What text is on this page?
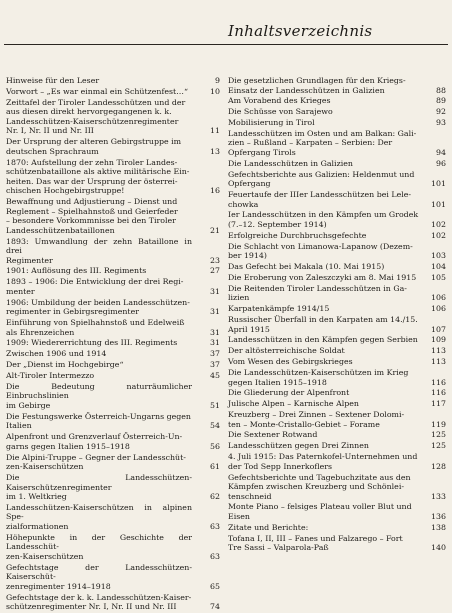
Inhaltsverzeichnis
Hinweise für den Leser	9
Vorwort – „Es war einmal ein Schützenfest…“	10
Zeittafel der Tiroler Landesschützen und der
aus diesen direkt hervorgegangenen k. k.
Landesschützen-Kaiserschützenregimenter
Nr. I, Nr. II und Nr. III	11
Der Ursprung der alteren Gebirgstruppe im
deutschen Sprachraum	13
1870: Aufstellung der zehn Tiroler Landes-
schützenbataillone als aktive militärische Ein-
heiten. Das war der Ursprung der österrei-
chischen Hochgebirgstruppe!	16
Bewaffnung und Adjustierung – Dienst und
Reglement – Spielhahnstoß und Geierfeder
– besondere Vorkommnisse bei den Tiroler
Landesschützenbataillonen	21
1893: Umwandlung der zehn Bataillone in drei
Regimenter	23
1901: Auflösung des III. Regiments	27
1893 – 1906: Die Entwicklung der drei Regi-
menter	31
1906: Umbildung der beiden Landesschützen-
regimenter in Gebirgsregimenter	31
Einführung von Spielhahnstoß und Edelweiß
als Ehrenzeichen	31
1909: Wiedererrichtung des III. Regiments	31
Zwischen 1906 und 1914	37
Der „Dienst im Hochgebirge“	37
Alt-Tiroler Intermezzo	45
Die Bedeutung naturräumlicher Einbruchslinien
im Gebirge	51
Die Festungswerke Österreich-Ungarns gegen
Italien	54
Alpenfront und Grenzverlauf Österreich-Un-
garns gegen Italien 1915–1918	56
Die Alpini-Truppe – Gegner der Landesschüt-
zen-Kaiserschützen	61
Die Landesschützen-Kaiserschützenregimenter
im 1. Weltkrieg	62
Landesschützen-Kaiserschützen in alpinen Spe-
zialformationen	63
Höhepunkte in der Geschichte der Landesschüt-
zen-Kaiserschützen	63
Gefechtstage der Landesschützen-Kaiserschüt-
zenregimenter 1914–1918	65
Gefechtstage der k. k. Landesschützen-Kaiser-
schützenregimenter Nr. I, Nr. II und Nr. III	74
Die gesetzlichen Grundlagen für den Kriegs-
Einsatz der Landesschützen in Galizien	88
Am Vorabend des Krieges	89
Die Schüsse von Sarajewo	92
Mobilisierung in Tirol	93
Landesschützen im Osten und am Balkan: Gali-
zien – Rußland – Karpaten – Serbien: Der
Opfergang Tirols	94
Die Landesschützen in Galizien	96
Gefechtsberichte aus Galizien: Heldenmut und
Opfergang	101
Feuertaufe der IIIer Landesschützen bei Lele-
chowka	101
Ier Landesschützen in den Kämpfen um Grodek
(7.–12. September 1914)	102
Erfolgreiche Durchbruchsgefechte	102
Die Schlacht von Limanowa-Lapanow (Dezem-
ber 1914)	103
Das Gefecht bei Makala (10. Mai 1915)	104
Die Eroberung von Zaleszczyki am 8. Mai 1915	105
Die Reitenden Tiroler Landesschützen in Ga-
lizien	106
Karpatenkämpfe 1914/15	106
Russischer Überfall in den Karpaten am 14./15.
April 1915	107
Landesschützen in den Kämpfen gegen Serbien	109
Der altösterreichische Soldat	113
Vom Wesen des Gebirgskrieges	113
Die Landesschützen-Kaiserschützen im Krieg
gegen Italien 1915–1918	116
Die Gliederung der Alpenfront	116
Julische Alpen – Karnische Alpen	117
Kreuzberg – Drei Zinnen – Sextener Dolomi-
ten – Monte-Cristallo-Gebiet – Forame	119
Die Sextener Rotwand	125
Landesschützen gegen Drei Zinnen	125
4. Juli 1915: Das Paternkofel-Unternehmen und
der Tod Sepp Innerkoflers	128
Gefechtsberichte und Tagebuchzitate aus den
Kämpfen zwischen Kreuzberg und Schönlei-
tenschneid	133
Monte Piano – felsiges Plateau voller Blut und
Eisen	136
Zitate und Berichte:	138
Tofana I, II, III – Fanes und Falzarego – Fort
Tre Sassi – Valparola-Paß	140
